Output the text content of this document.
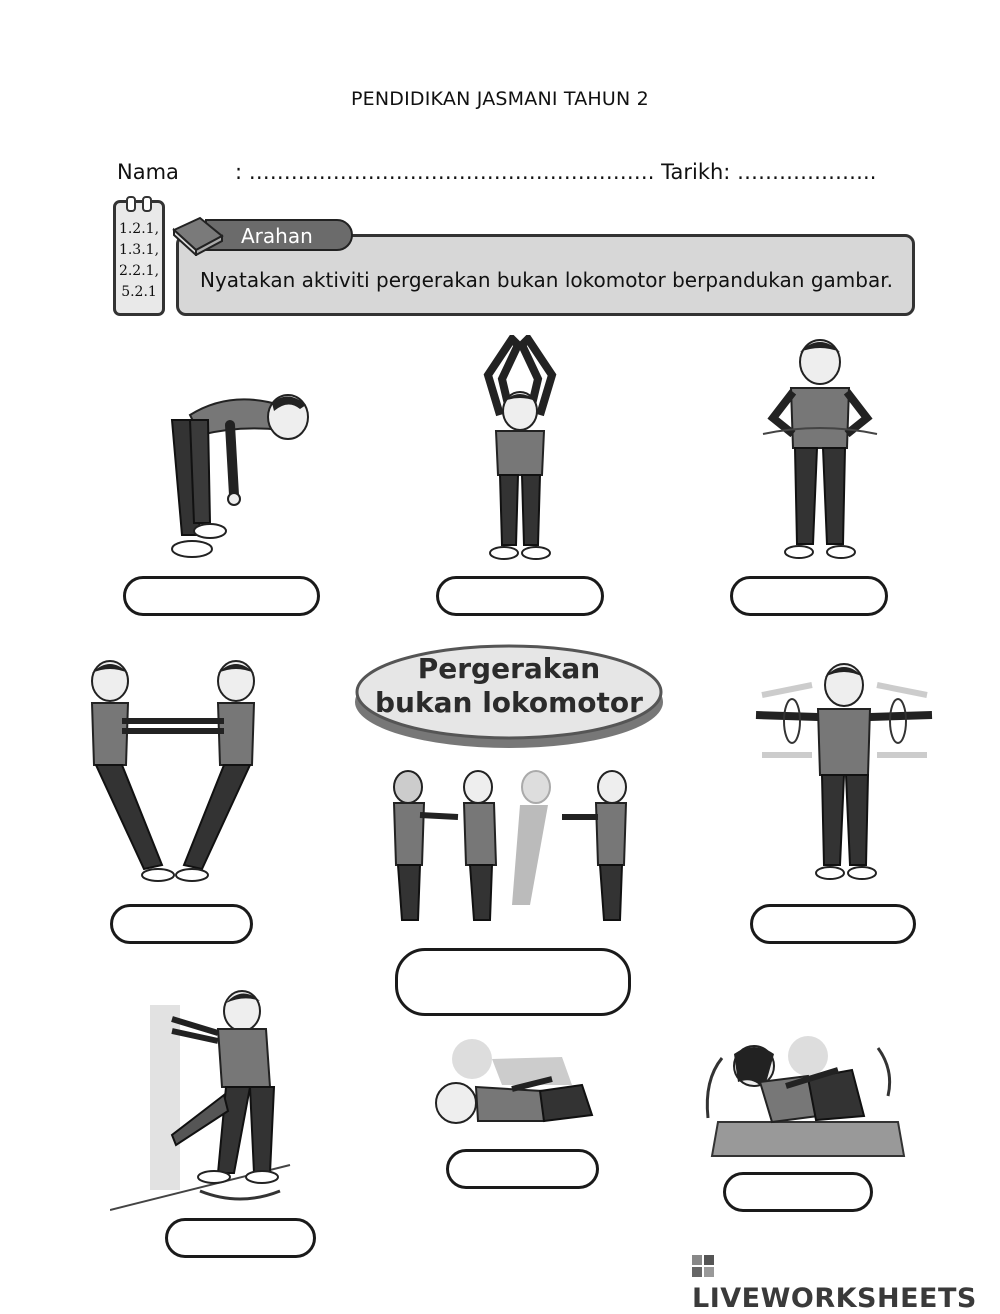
PENDIDIKAN JASMANI TAHUN 2
Nama	: …………………………………………………. Tarikh: ………………..
1.2.1,
1.3.1,
2.2.1,
5.2.1
Arahan
Nyatakan aktiviti pergerakan bukan lokomotor berpandukan gambar.
Pergerakan
bukan lokomotor
LIVEWORKSHEETS
